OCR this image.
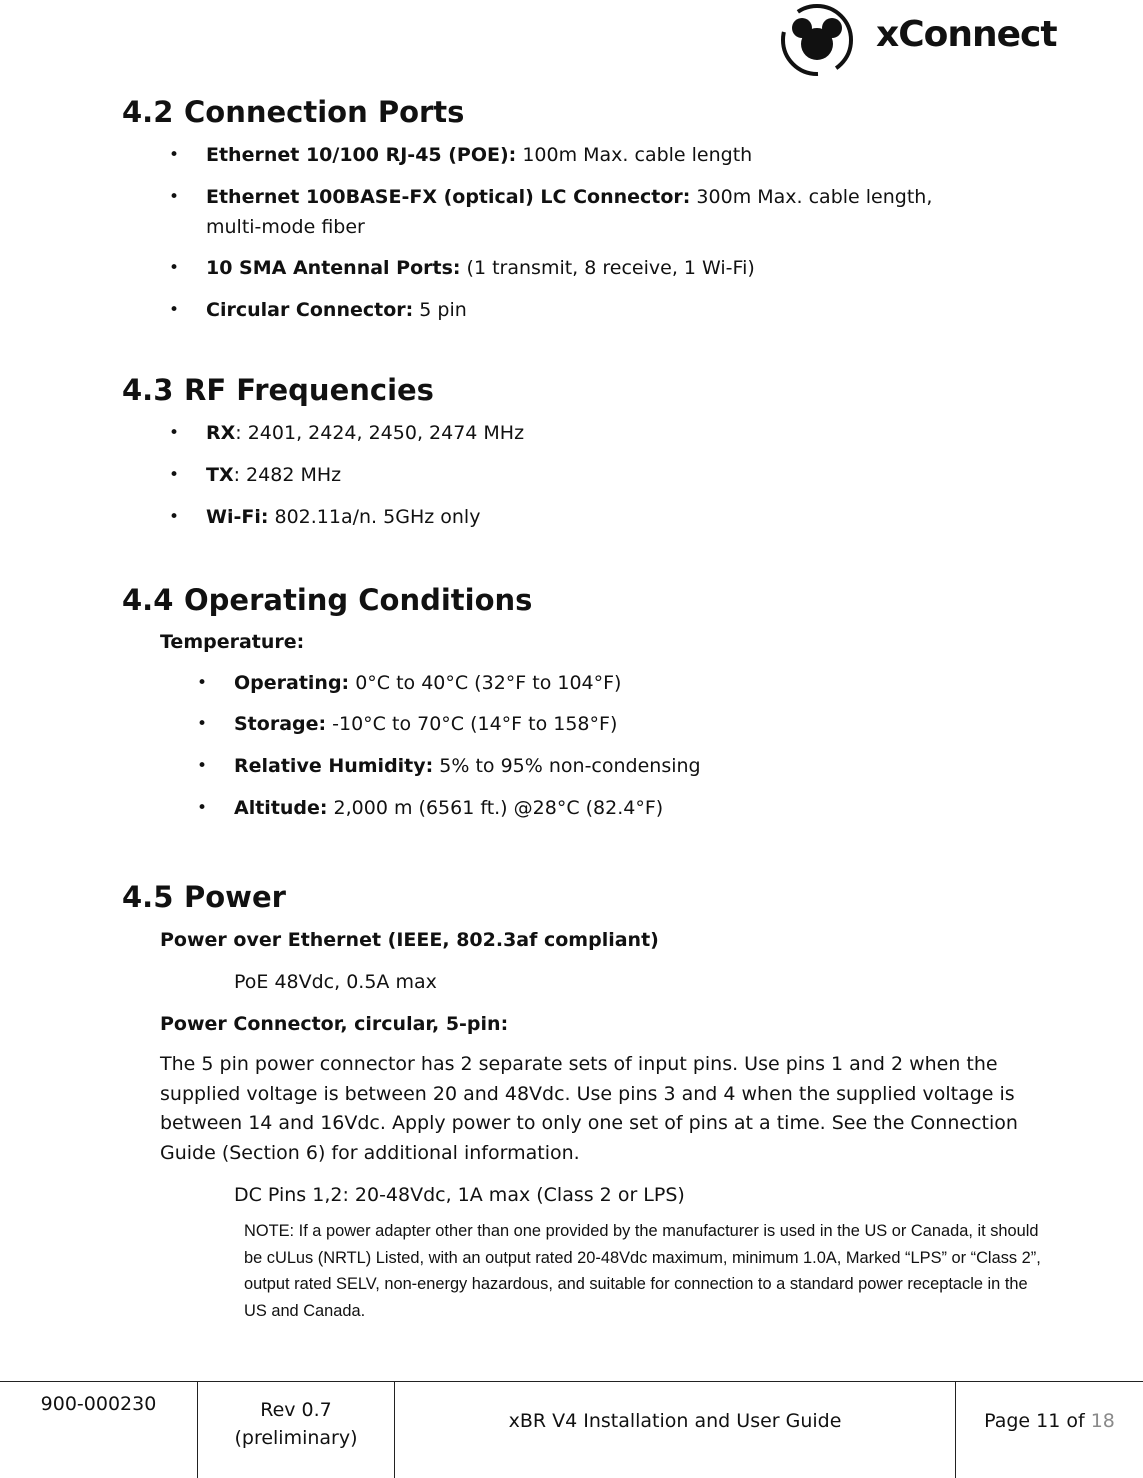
xConnect
4.2 Connection Ports
• Ethernet 10/100 RJ-45 (POE): 100m Max. cable length
• Ethernet 100BASE-FX (optical) LC Connector: 300m Max. cable length,
multi-mode fiber
• 10 SMA Antennal Ports: (1 transmit, 8 receive, 1 Wi-Fi)
• Circular Connector: 5 pin
4.3 RF Frequencies
• RX: 2401, 2424, 2450, 2474 MHz
• TX: 2482 MHz
• Wi-Fi: 802.11a/n. 5GHz only
4.4 Operating Conditions
Temperature:
• Operating: 0°C to 40°C (32°F to 104°F)
• Storage: -10°C to 70°C (14°F to 158°F)
• Relative Humidity: 5% to 95% non-condensing
• Altitude: 2,000 m (6561 ft.) @28°C (82.4°F)
4.5 Power
Power over Ethernet (IEEE, 802.3af compliant)
PoE 48Vdc, 0.5A max
Power Connector, circular, 5-pin:

The 5 pin power connector has 2 separate sets of input pins. Use pins 1 and 2 when the supplied voltage is between 20 and 48Vdc. Use pins 3 and 4 when the supplied voltage is between 14 and 16Vdc. Apply power to only one set of pins at a time. See the Connection Guide (Section 6) for additional information.

DC Pins 1,2: 20-48Vdc, 1A max (Class 2 or LPS)

NOTE: If a power adapter other than one provided by the manufacturer is used in the US or Canada, it should be cULus (NRTL) Listed, with an output rated 20-48Vdc maximum, minimum 1.0A, Marked “LPS” or “Class 2”, output rated SELV, non-energy hazardous, and suitable for connection to a standard power receptacle in the US and Canada.

900-000230	Rev 0.7
(preliminary)
xBR V4 Installation and User Guide	Page 11 of 18
